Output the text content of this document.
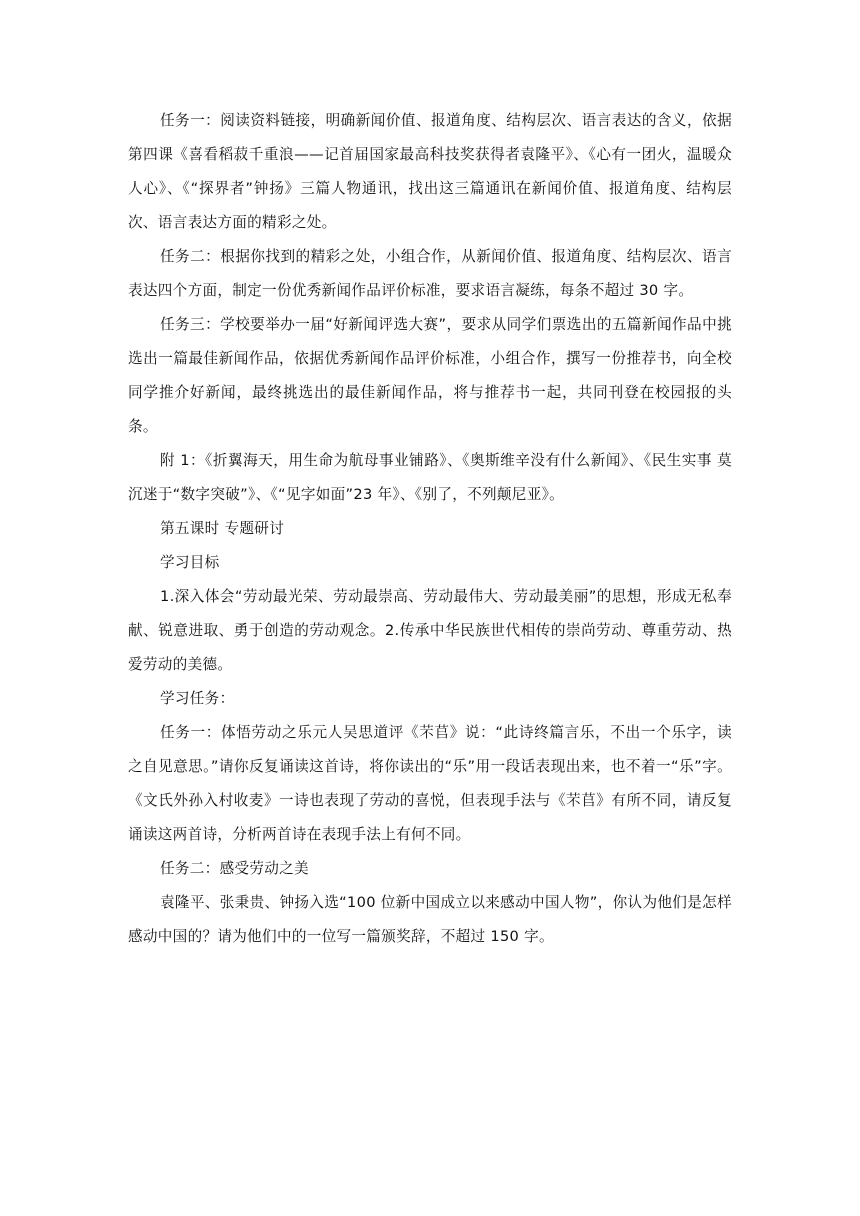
任务一：阅读资料链接，明确新闻价值、报道角度、结构层次、语言表达的含义，依据第四课《喜看稻菽千重浪——记首届国家最高科技奖获得者袁隆平》、《心有一团火，温暖众人心》、《“探界者”钟扬》三篇人物通讯，找出这三篇通讯在新闻价值、报道角度、结构层次、语言表达方面的精彩之处。

任务二：根据你找到的精彩之处，小组合作，从新闻价值、报道角度、结构层次、语言表达四个方面，制定一份优秀新闻作品评价标准，要求语言凝练，每条不超过 30 字。

任务三：学校要举办一届“好新闻评选大赛”，要求从同学们票选出的五篇新闻作品中挑选出一篇最佳新闻作品，依据优秀新闻作品评价标准，小组合作，撰写一份推荐书，向全校同学推介好新闻，最终挑选出的最佳新闻作品，将与推荐书一起，共同刊登在校园报的头条。

附 1：《折翼海天，用生命为航母事业铺路》、《奥斯维辛没有什么新闻》、《民生实事 莫沉迷于“数字突破”》、《“见字如面”23 年》、《别了，不列颠尼亚》。

第五课时 专题研讨

学习目标

1.深入体会“劳动最光荣、劳动最崇高、劳动最伟大、劳动最美丽”的思想，形成无私奉献、锐意进取、勇于创造的劳动观念。2.传承中华民族世代相传的崇尚劳动、尊重劳动、热爱劳动的美德。

学习任务：

任务一：体悟劳动之乐元人吴思道评《芣苢》说：“此诗终篇言乐，不出一个乐字，读之自见意思。”请你反复诵读这首诗，将你读出的“乐”用一段话表现出来，也不着一“乐”字。《文氏外孙入村收麦》一诗也表现了劳动的喜悦，但表现手法与《芣苢》有所不同，请反复诵读这两首诗，分析两首诗在表现手法上有何不同。

任务二：感受劳动之美

袁隆平、张秉贵、钟扬入选“100 位新中国成立以来感动中国人物”，你认为他们是怎样感动中国的？请为他们中的一位写一篇颁奖辞，不超过 150 字。
